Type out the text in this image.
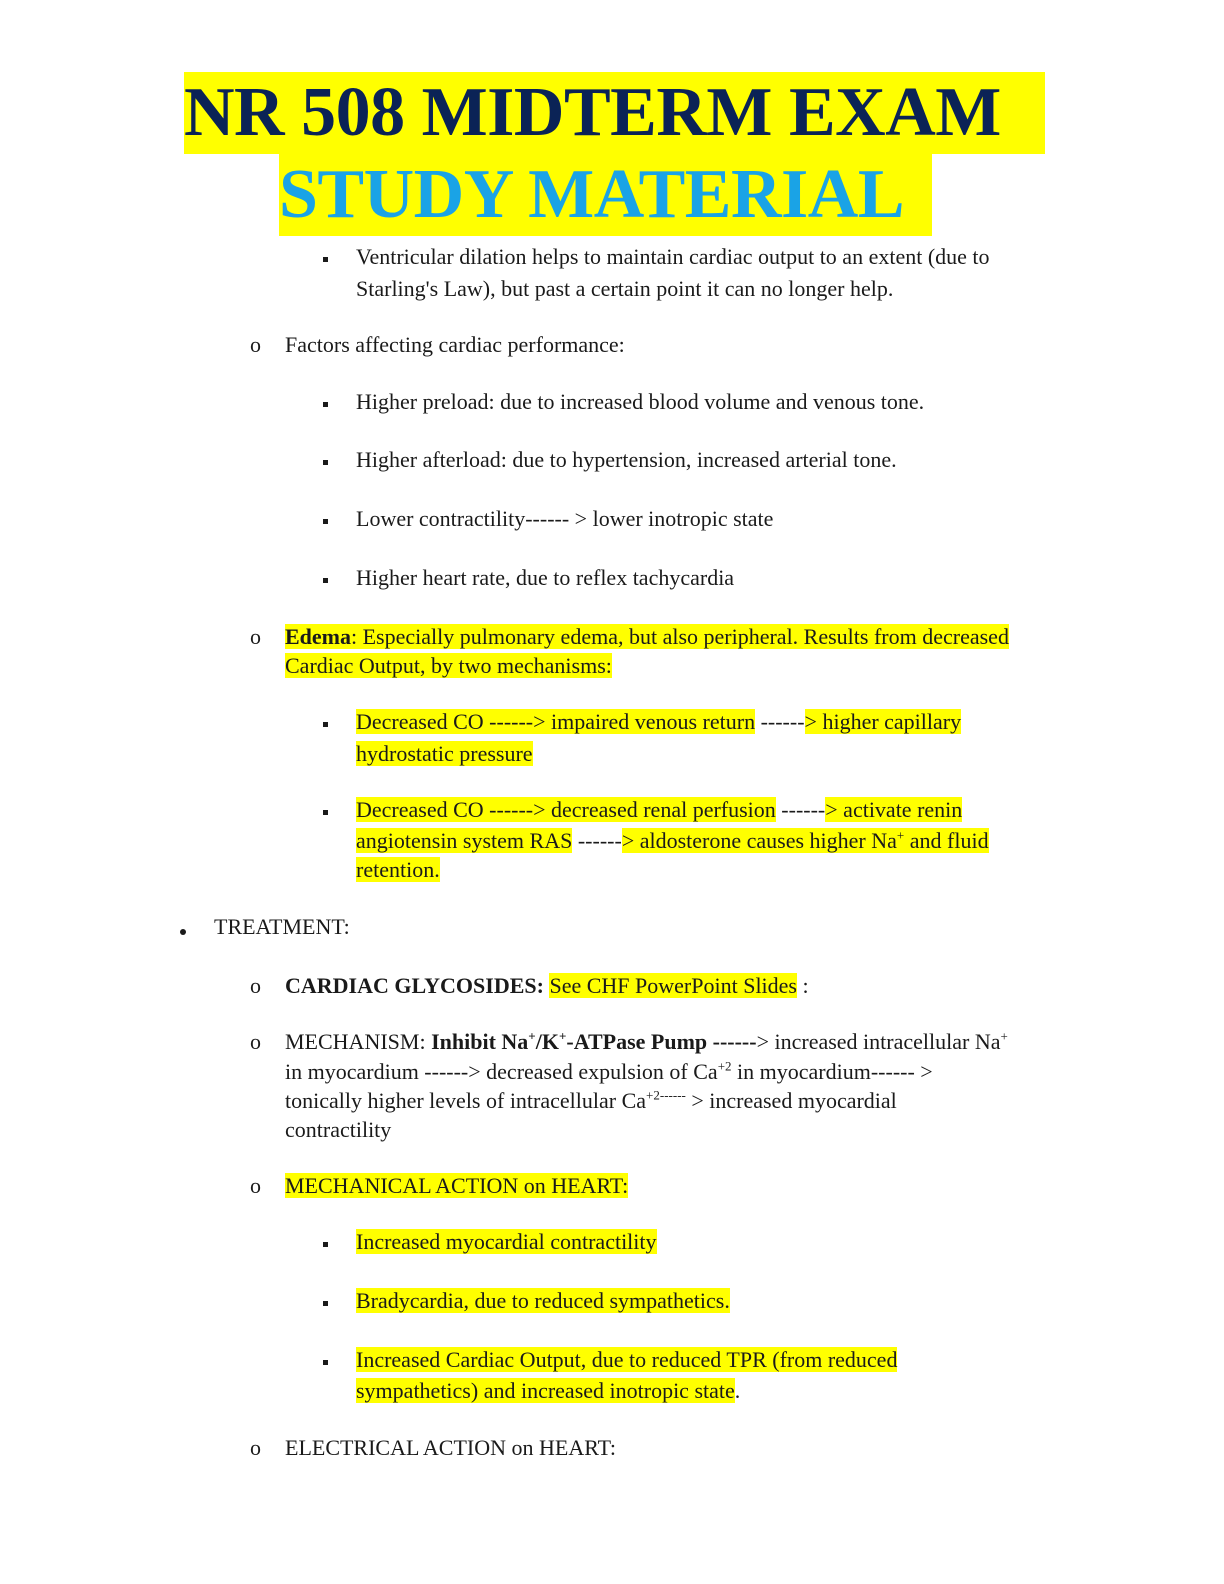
NR 508 MIDTERM EXAM
STUDY MATERIAL
Ventricular dilation helps to maintain cardiac output to an extent (due to
Starling's Law), but past a certain point it can no longer help.
o Factors affecting cardiac performance:
Higher preload: due to increased blood volume and venous tone.
Higher afterload: due to hypertension, increased arterial tone.
Lower contractility------ > lower inotropic state
Higher heart rate, due to reflex tachycardia
o Edema: Especially pulmonary edema, but also peripheral. Results from decreased
Cardiac Output, by two mechanisms:
Decreased CO ------> impaired venous return ------> higher capillary
hydrostatic pressure
Decreased CO ------> decreased renal perfusion ------> activate renin
angiotensin system RAS ------> aldosterone causes higher Na+ and fluid
retention.
TREATMENT:
o CARDIAC GLYCOSIDES: See CHF PowerPoint Slides :
o MECHANISM: Inhibit Na+/K+-ATPase Pump ------> increased intracellular Na+
in myocardium ------> decreased expulsion of $Ca^{+2}$ in myocardium------ >
tonically higher levels of intracellular $Ca^{+2------}$ > increased myocardial
contractility
o MECHANICAL ACTION on HEART:
Increased myocardial contractility
Bradycardia, due to reduced sympathetics.
Increased Cardiac Output, due to reduced TPR (from reduced
sympathetics) and increased inotropic state.
o ELECTRICAL ACTION on HEART:
